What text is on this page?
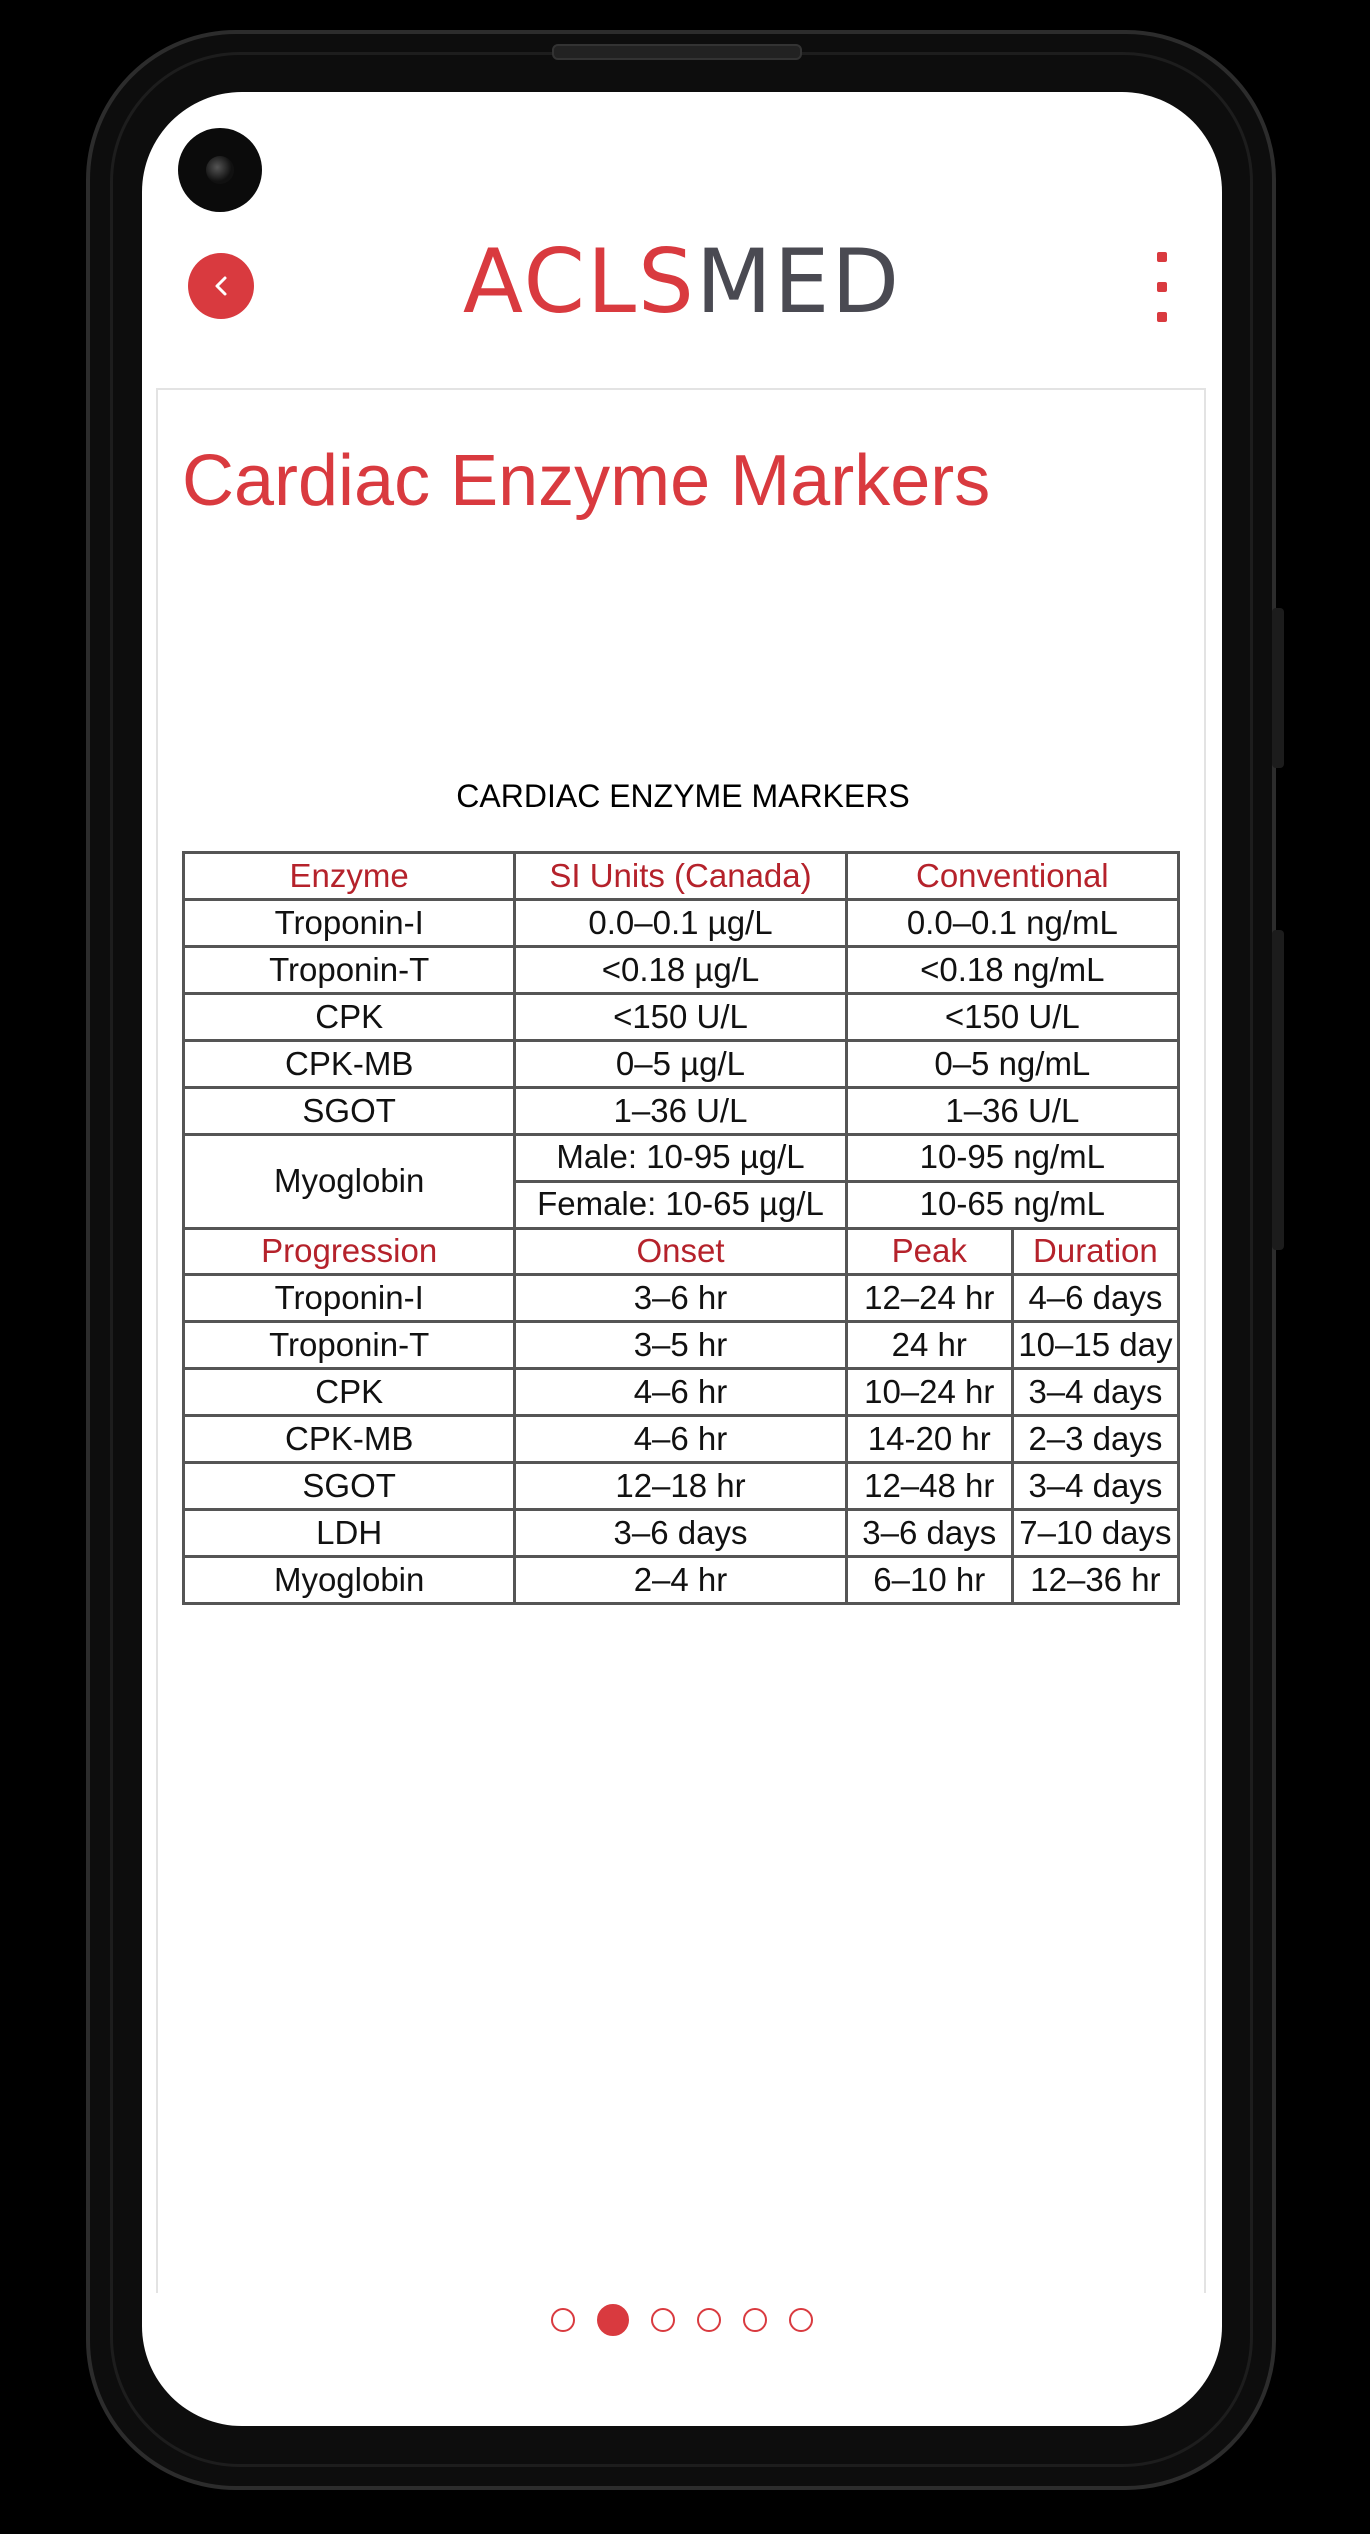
ACLSMED
Cardiac Enzyme Markers
CARDIAC ENZYME MARKERS
Enzyme	SI Units (Canada)	Conventional	
Troponin-I	0.0–0.1 µg/L	0.0–0.1 ng/mL	
Troponin-T	<0.18 µg/L	<0.18 ng/mL	
CPK	<150 U/L	<150 U/L	
CPK-MB	0–5 µg/L	0–5 ng/mL	
SGOT	1–36 U/L	1–36 U/L	
Myoglobin	Male: 10-95 µg/L	10-95 ng/mL	
	Female: 10-65 µg/L	10-65 ng/mL	
Progression	Onset	Peak	Duration
Troponin-I	3–6 hr	12–24 hr	4–6 days
Troponin-T	3–5 hr	24 hr	10–15 day
CPK	4–6 hr	10–24 hr	3–4 days
CPK-MB	4–6 hr	14-20 hr	2–3 days
SGOT	12–18 hr	12–48 hr	3–4 days
LDH	3–6 days	3–6 days	7–10 days
Myoglobin	2–4 hr	6–10 hr	12–36 hr
